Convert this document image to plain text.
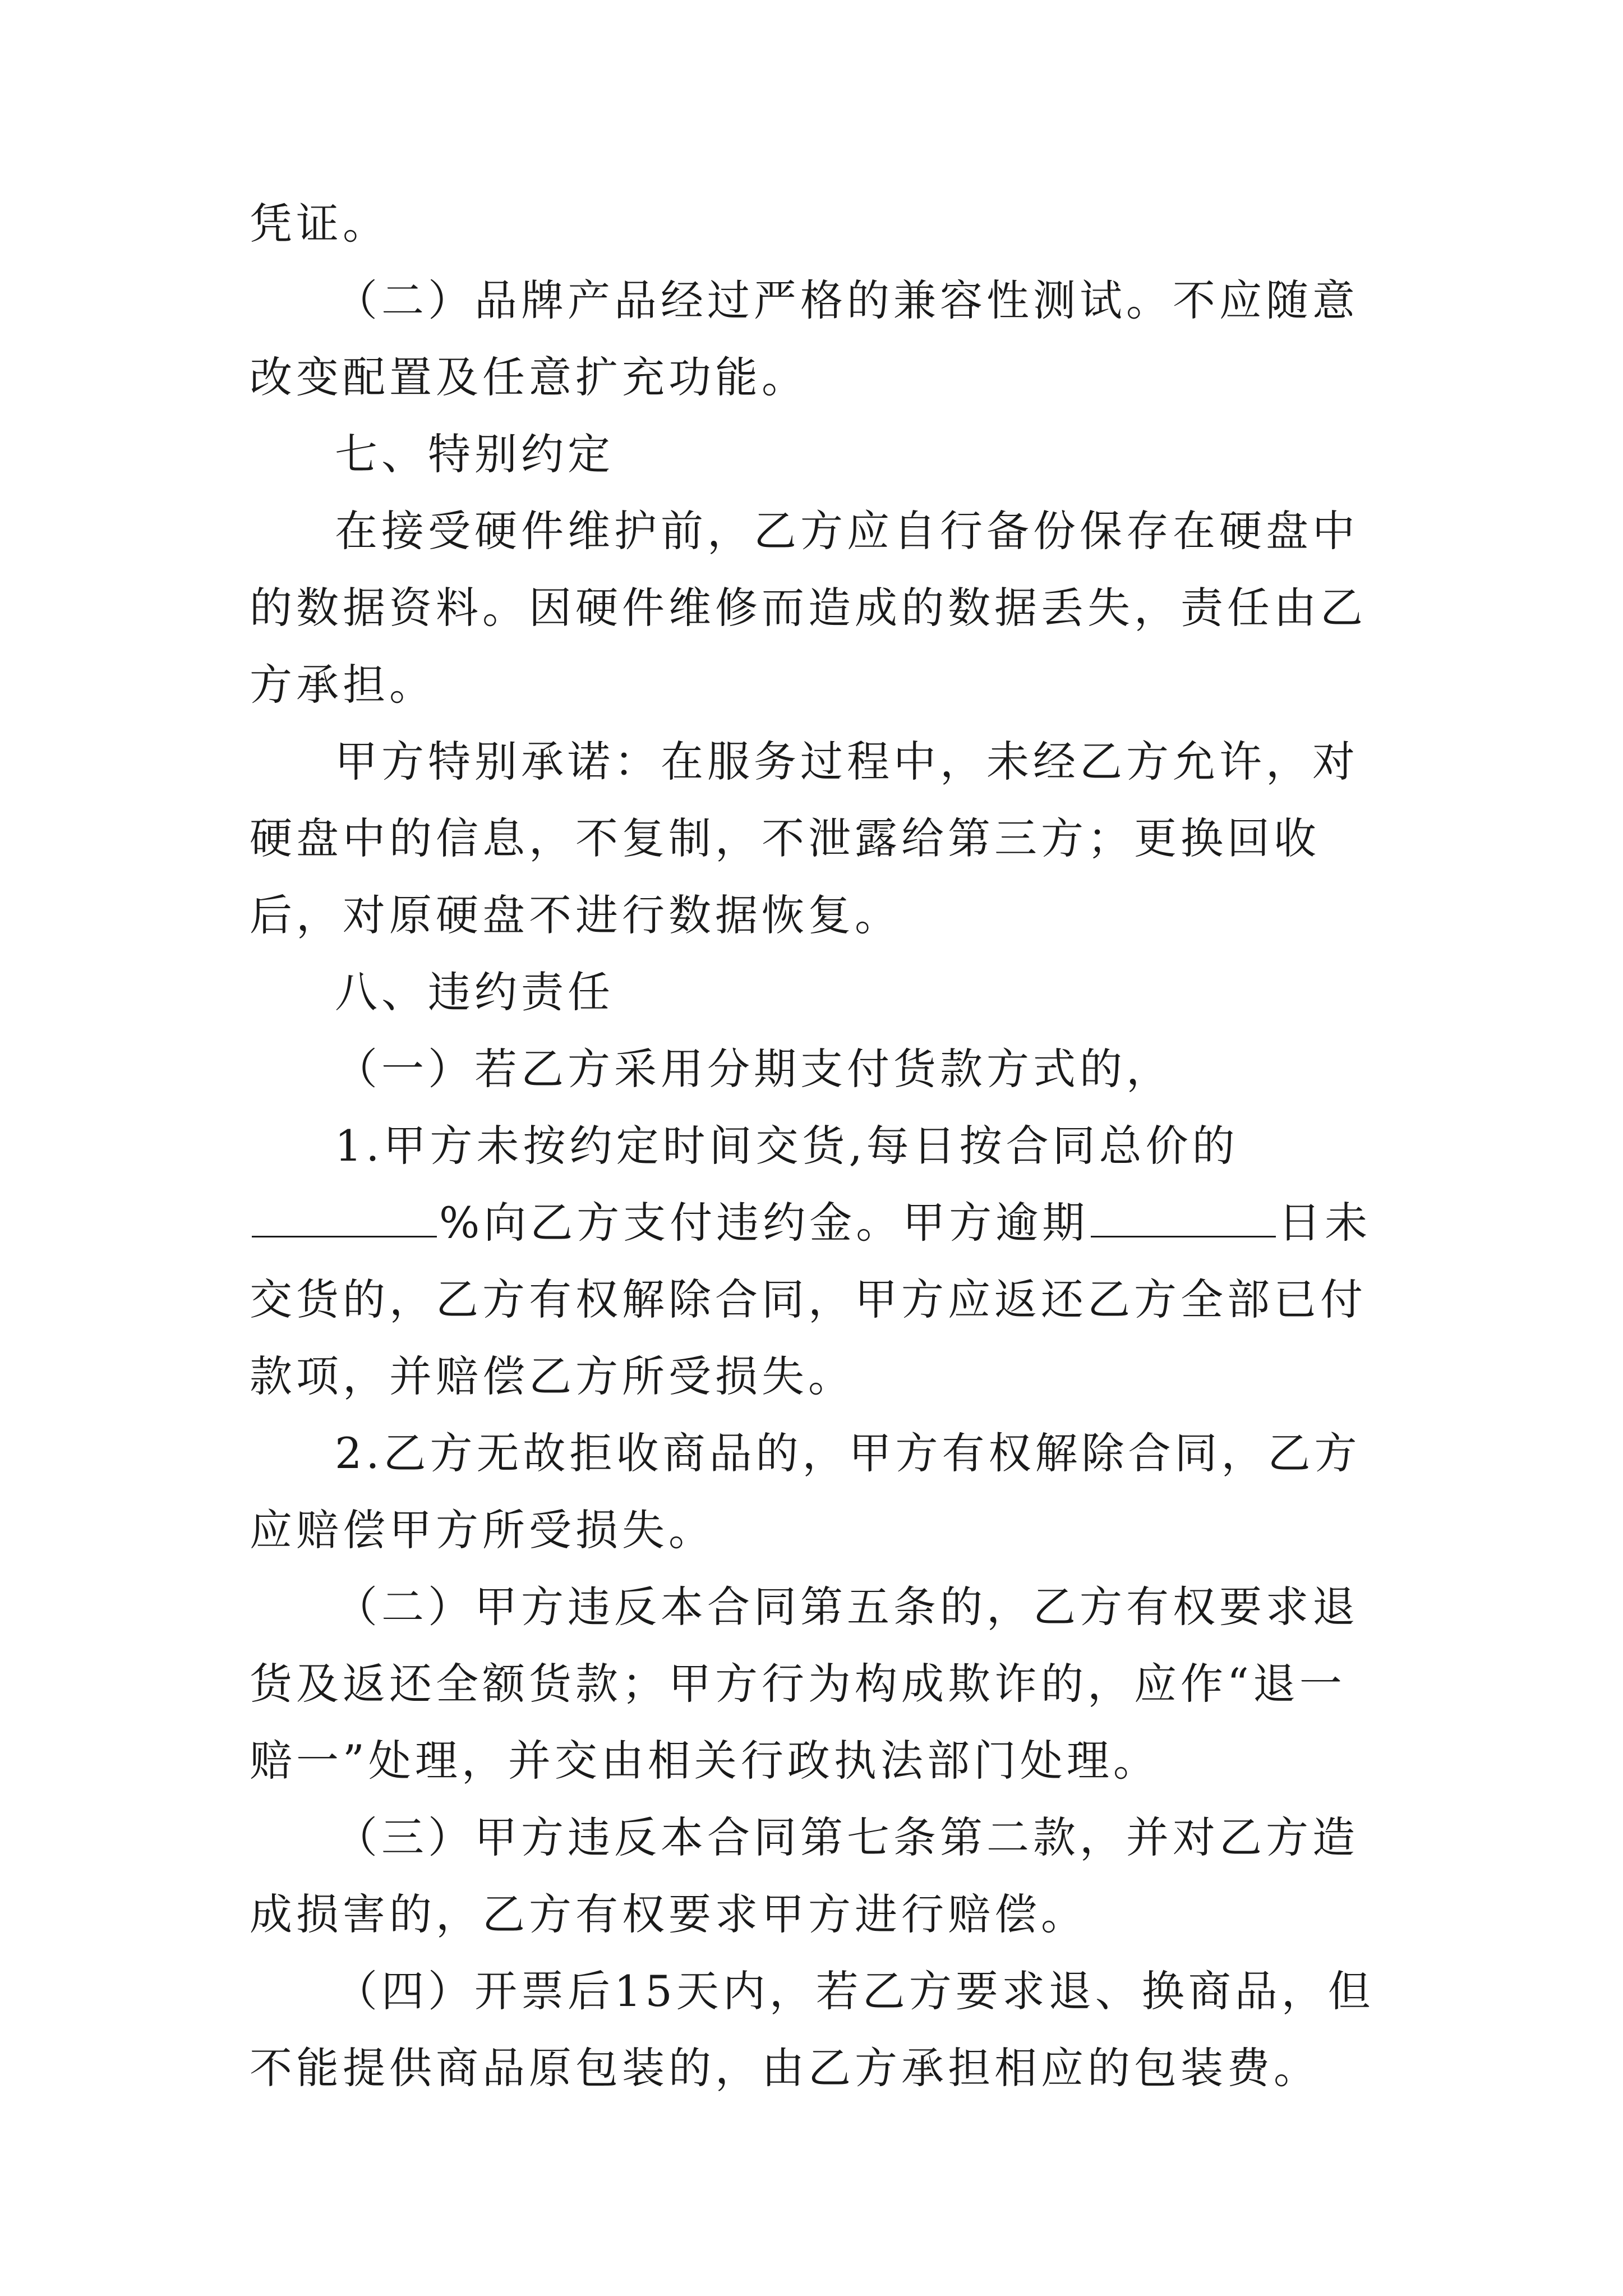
凭证。

（二）品牌产品经过严格的兼容性测试。不应随意改变配置及任意扩充功能。

七、特别约定

在接受硬件维护前，乙方应自行备份保存在硬盘中的数据资料。因硬件维修而造成的数据丢失，责任由乙方承担。

甲方特别承诺：在服务过程中，未经乙方允许，对硬盘中的信息，不复制，不泄露给第三方；更换回收后，对原硬盘不进行数据恢复。

八、违约责任

（一）若乙方采用分期支付货款方式的，

1.甲方未按约定时间交货,每日按合同总价的%向乙方支付违约金。甲方逾期	日未交货的，乙方有权解除合同，甲方应返还乙方全部已付款项，并赔偿乙方所受损失。

2.乙方无故拒收商品的，甲方有权解除合同，乙方应赔偿甲方所受损失。

（二）甲方违反本合同第五条的，乙方有权要求退货及返还全额货款；甲方行为构成欺诈的，应作“退一赔一”处理，并交由相关行政执法部门处理。

（三）甲方违反本合同第七条第二款，并对乙方造成损害的，乙方有权要求甲方进行赔偿。

（四）开票后15天内，若乙方要求退、换商品，但不能提供商品原包装的，由乙方承担相应的包装费。
